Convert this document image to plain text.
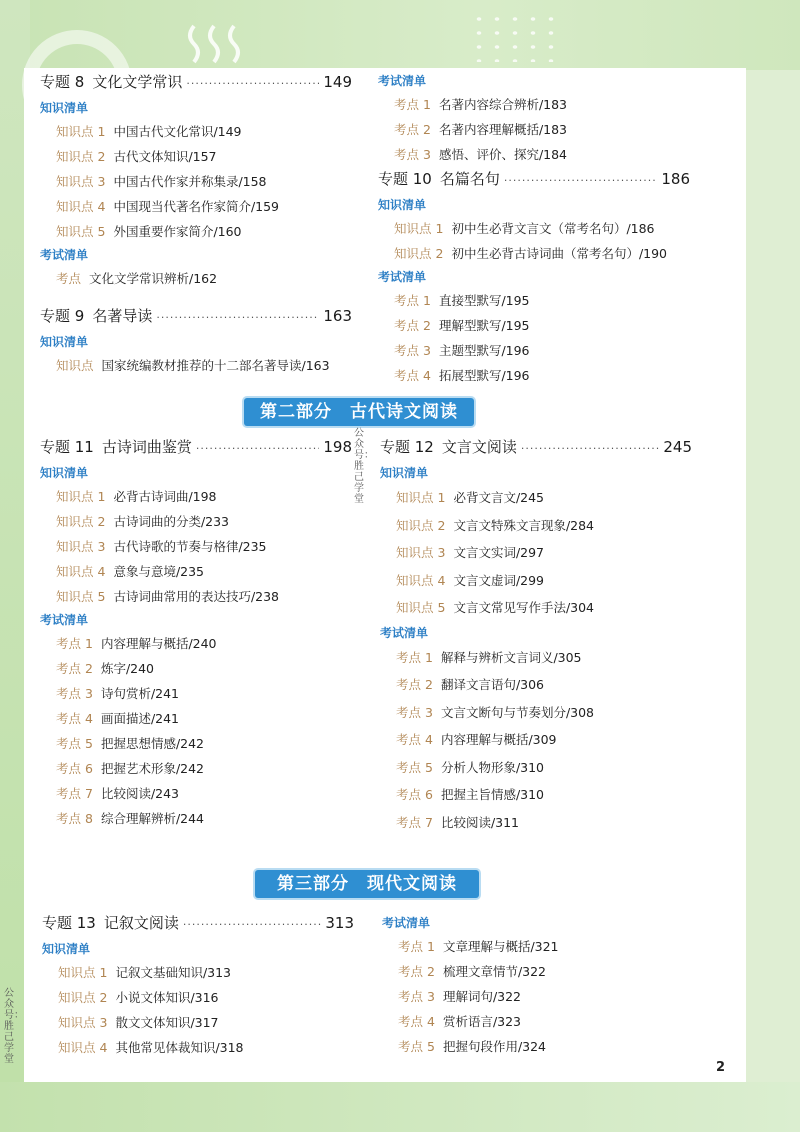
专题 8 文化文学常识 ·····	149
知识清单
知识点 1 中国古代文化常识/149
知识点 2 古代文体知识/157
知识点 3 中国古代作家并称集录/158
知识点 4 中国现当代著名作家简介/159
知识点 5 外国重要作家简介/160
考试清单
考点 文化文学常识辨析/162
专题 9 名著导读 ·····	163
知识清单
知识点 国家统编教材推荐的十二部名著导读/163
考试清单
考点 1 名著内容综合辨析/183
考点 2 名著内容理解概括/183
考点 3 感悟、评价、探究/184
专题 10 名篇名句 ·····	186
知识清单
知识点 1 初中生必背文言文（常考名句）/186
知识点 2 初中生必背古诗词曲（常考名句）/190
考试清单
考点 1 直接型默写/195
考点 2 理解型默写/195
考点 3 主题型默写/196
考点 4 拓展型默写/196
第二部分 古代诗文阅读
公众号：胜己学堂
专题 11 古诗词曲鉴赏 ·····	198
知识清单
知识点 1 必背古诗词曲/198
知识点 2 古诗词曲的分类/233
知识点 3 古代诗歌的节奏与格律/235
知识点 4 意象与意境/235
知识点 5 古诗词曲常用的表达技巧/238
考试清单
考点 1 内容理解与概括/240
考点 2 炼字/240
考点 3 诗句赏析/241
考点 4 画面描述/241
考点 5 把握思想情感/242
考点 6 把握艺术形象/242
考点 7 比较阅读/243
考点 8 综合理解辨析/244
专题 12 文言文阅读 ·····	245
知识清单
知识点 1 必背文言文/245
知识点 2 文言文特殊文言现象/284
知识点 3 文言文实词/297
知识点 4 文言文虚词/299
知识点 5 文言文常见写作手法/304
考试清单
考点 1 解释与辨析文言词义/305
考点 2 翻译文言语句/306
考点 3 文言文断句与节奏划分/308
考点 4 内容理解与概括/309
考点 5 分析人物形象/310
考点 6 把握主旨情感/310
考点 7 比较阅读/311
第三部分 现代文阅读
专题 13 记叙文阅读 ·····	313
知识清单
知识点 1 记叙文基础知识/313
知识点 2 小说文体知识/316
知识点 3 散文文体知识/317
知识点 4 其他常见体裁知识/318
考试清单
考点 1 文章理解与概括/321
考点 2 梳理文章情节/322
考点 3 理解词句/322
考点 4 赏析语言/323
考点 5 把握句段作用/324
公众号：胜己学堂
2
